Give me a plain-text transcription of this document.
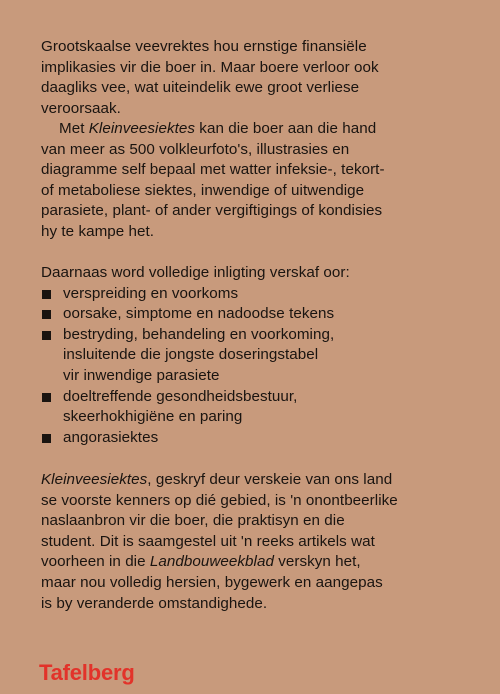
Grootskaalse veevrektes hou ernstige finansiële
implikasies vir die boer in. Maar boere verloor ook
daagliks vee, wat uiteindelik ewe groot verliese
veroorsaak.
Met Kleinveesiektes kan die boer aan die hand
van meer as 500 volkleurfoto's, illustrasies en
diagramme self bepaal met watter infeksie-, tekort-
of metaboliese siektes, inwendige of uitwendige
parasiete, plant- of ander vergiftigings of kondisies
hy te kampe het.
Daarnaas word volledige inligting verskaf oor:
verspreiding en voorkoms
oorsake, simptome en nadoodse tekens
bestryding, behandeling en voorkoming,
insluitende die jongste doseringstabel
vir inwendige parasiete
doeltreffende gesondheidsbestuur,
skeerhokhigiëne en paring
angorasiektes
Kleinveesiektes, geskryf deur verskeie van ons land
se voorste kenners op dié gebied, is 'n onontbeerlike
naslaanbron vir die boer, die praktisyn en die
student. Dit is saamgestel uit 'n reeks artikels wat
voorheen in die Landbouweekblad verskyn het,
maar nou volledig hersien, bygewerk en aangepas
is by veranderde omstandighede.
Tafelberg
